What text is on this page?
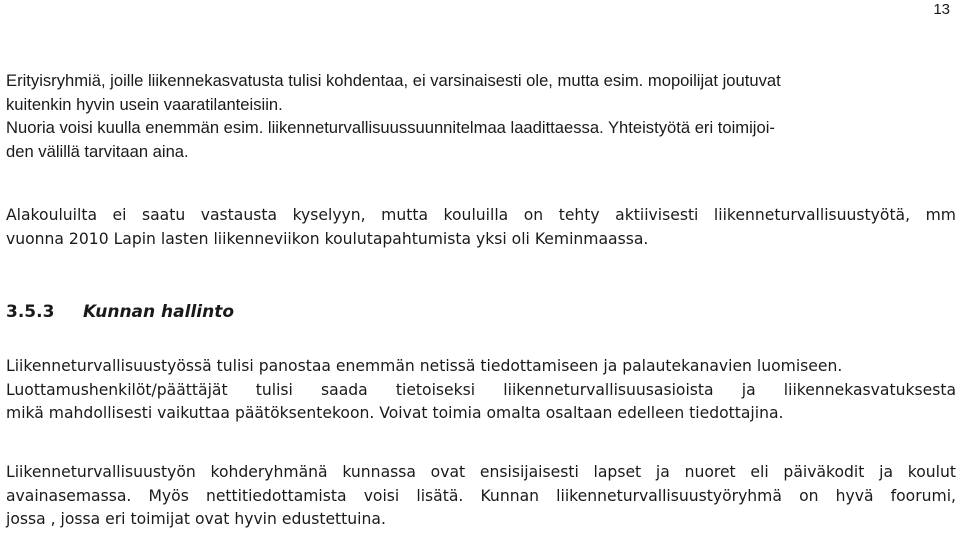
13

Erityisryhmiä, joille liikennekasvatusta tulisi kohdentaa, ei varsinaisesti ole, mutta esim. mopoilijat joutuvat
kuitenkin hyvin usein vaaratilanteisiin.
Nuoria voisi kuulla enemmän esim. liikenneturvallisuussuunnitelmaa laadittaessa. Yhteistyötä eri toimijoi-
den välillä tarvitaan aina.

Alakouluilta ei saatu vastausta kyselyyn, mutta kouluilla on tehty aktiivisesti liikenneturvallisuustyötä, mm
vuonna 2010 Lapin lasten liikenneviikon koulutapahtumista yksi oli Keminmaassa.

3.5.3 Kunnan hallinto

Liikenneturvallisuustyössä tulisi panostaa enemmän netissä tiedottamiseen ja palautekanavien luomiseen.
Luottamushenkilöt/päättäjät tulisi saada tietoiseksi liikenneturvallisuusasioista ja liikennekasvatuksesta
mikä mahdollisesti vaikuttaa päätöksentekoon. Voivat toimia omalta osaltaan edelleen tiedottajina.

Liikenneturvallisuustyön kohderyhmänä kunnassa ovat ensisijaisesti lapset ja nuoret eli päiväkodit ja koulut
avainasemassa. Myös nettitiedottamista voisi lisätä. Kunnan liikenneturvallisuustyöryhmä on hyvä foorumi,
jossa , jossa eri toimijat ovat hyvin edustettuina.
